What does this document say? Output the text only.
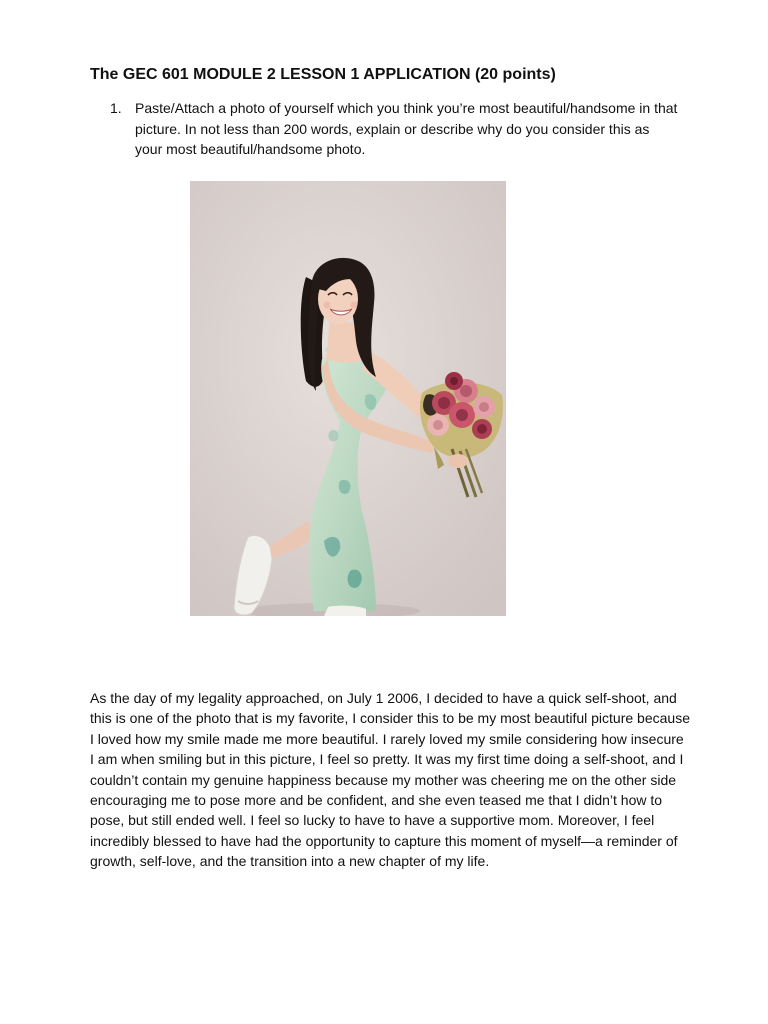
The GEC 601 MODULE 2 LESSON 1 APPLICATION (20 points)
1. Paste/Attach a photo of yourself which you think you’re most beautiful/handsome in that picture. In not less than 200 words, explain or describe why do you consider this as your most beautiful/handsome photo.

As the day of my legality approached, on July 1 2006, I decided to have a quick self-shoot, and this is one of the photo that is my favorite, I consider this to be my most beautiful picture because I loved how my smile made me more beautiful. I rarely loved my smile considering how insecure I am when smiling but in this picture, I feel so pretty. It was my first time doing a self-shoot, and I couldn’t contain my genuine happiness because my mother was cheering me on the other side encouraging me to pose more and be confident, and she even teased me that I didn’t how to pose, but still ended well. I feel so lucky to have to have a supportive mom. Moreover, I feel incredibly blessed to have had the opportunity to capture this moment of myself—a reminder of growth, self-love, and the transition into a new chapter of my life.
